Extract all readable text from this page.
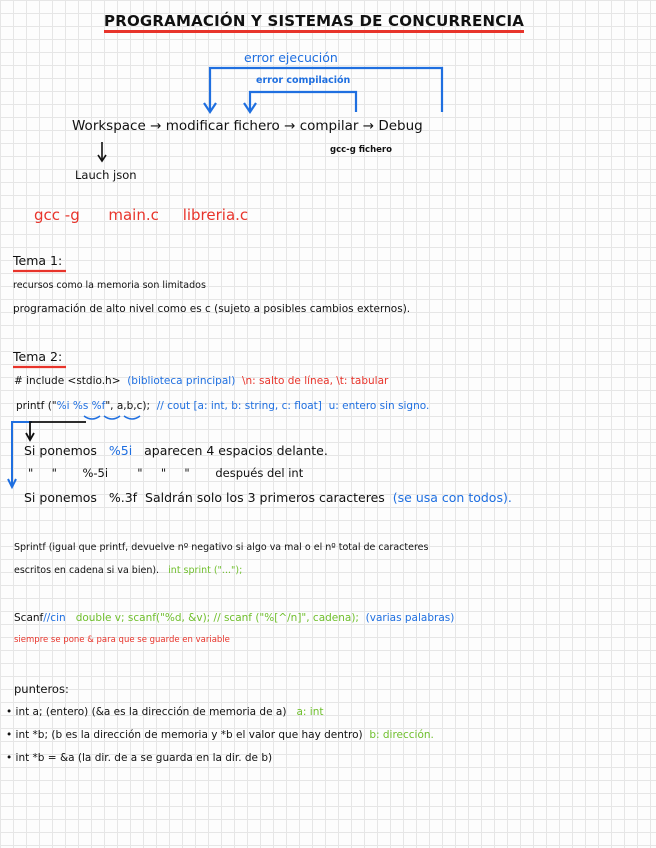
PROGRAMACIÓN Y SISTEMAS DE CONCURRENCIA
error ejecución
error compilación
Workspace → modificar fichero → compilar → Debug
gcc-g fichero
Lauch json
gcc -g main.c libreria.c
Tema 1:
recursos como la memoria son limitados
programación de alto nivel como es c (sujeto a posibles cambios externos).
Tema 2:
# include <stdio.h> (biblioteca principal) \n: salto de línea, \t: tabular
printf ("%i %s %f", a,b,c); // cout [a: int, b: string, c: float] u: entero sin signo.
Si ponemos %5i aparecen 4 espacios delante.
"     " %-5i	"     "     " después del int
Si ponemos %.3f Saldrán solo los 3 primeros caracteres (se usa con todos).
Sprintf (igual que printf, devuelve nº negativo si algo va mal o el nº total de caracteres
escritos en cadena si va bien). int sprint ("...");
Scanf//cin double v; scanf("%d, &v); // scanf ("%[^/n]", cadena); (varias palabras)
siempre se pone & para que se guarde en variable
punteros:
• int a; (entero) (&a es la dirección de memoria de a) a: int
• int *b; (b es la dirección de memoria y *b el valor que hay dentro) b: dirección.
• int *b = &a (la dir. de a se guarda en la dir. de b)
